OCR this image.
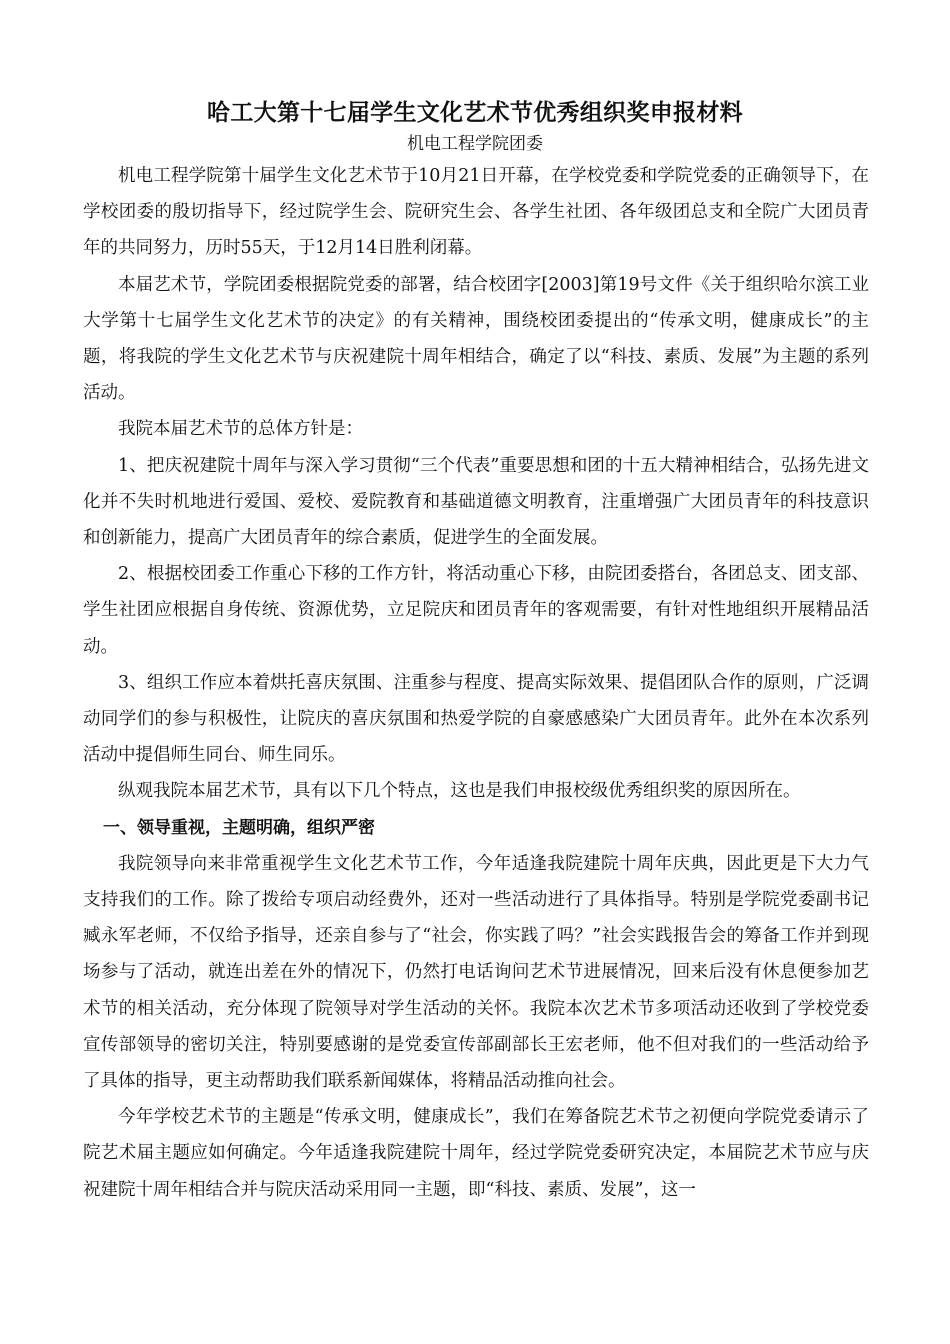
哈工大第十七届学生文化艺术节优秀组织奖申报材料
机电工程学院团委

机电工程学院第十届学生文化艺术节于10月21日开幕，在学校党委和学院党委的正确领导下，在学校团委的殷切指导下，经过院学生会、院研究生会、各学生社团、各年级团总支和全院广大团员青年的共同努力，历时55天，于12月14日胜利闭幕。

本届艺术节，学院团委根据院党委的部署，结合校团字[2003]第19号文件《关于组织哈尔滨工业大学第十七届学生文化艺术节的决定》的有关精神，围绕校团委提出的“传承文明，健康成长”的主题，将我院的学生文化艺术节与庆祝建院十周年相结合，确定了以“科技、素质、发展”为主题的系列活动。

我院本届艺术节的总体方针是：

1、把庆祝建院十周年与深入学习贯彻“三个代表”重要思想和团的十五大精神相结合，弘扬先进文化并不失时机地进行爱国、爱校、爱院教育和基础道德文明教育，注重增强广大团员青年的科技意识和创新能力，提高广大团员青年的综合素质，促进学生的全面发展。

2、根据校团委工作重心下移的工作方针，将活动重心下移，由院团委搭台，各团总支、团支部、学生社团应根据自身传统、资源优势，立足院庆和团员青年的客观需要，有针对性地组织开展精品活动。

3、组织工作应本着烘托喜庆氛围、注重参与程度、提高实际效果、提倡团队合作的原则，广泛调动同学们的参与积极性，让院庆的喜庆氛围和热爱学院的自豪感感染广大团员青年。此外在本次系列活动中提倡师生同台、师生同乐。

纵观我院本届艺术节，具有以下几个特点，这也是我们申报校级优秀组织奖的原因所在。

一、领导重视，主题明确，组织严密

我院领导向来非常重视学生文化艺术节工作，今年适逢我院建院十周年庆典，因此更是下大力气支持我们的工作。除了拨给专项启动经费外，还对一些活动进行了具体指导。特别是学院党委副书记臧永军老师，不仅给予指导，还亲自参与了“社会，你实践了吗？”社会实践报告会的筹备工作并到现场参与了活动，就连出差在外的情况下，仍然打电话询问艺术节进展情况，回来后没有休息便参加艺术节的相关活动，充分体现了院领导对学生活动的关怀。我院本次艺术节多项活动还收到了学校党委宣传部领导的密切关注，特别要感谢的是党委宣传部副部长王宏老师，他不但对我们的一些活动给予了具体的指导，更主动帮助我们联系新闻媒体，将精品活动推向社会。

今年学校艺术节的主题是“传承文明，健康成长”，我们在筹备院艺术节之初便向学院党委请示了院艺术届主题应如何确定。今年适逢我院建院十周年，经过学院党委研究决定，本届院艺术节应与庆祝建院十周年相结合并与院庆活动采用同一主题，即“科技、素质、发展”，这一
